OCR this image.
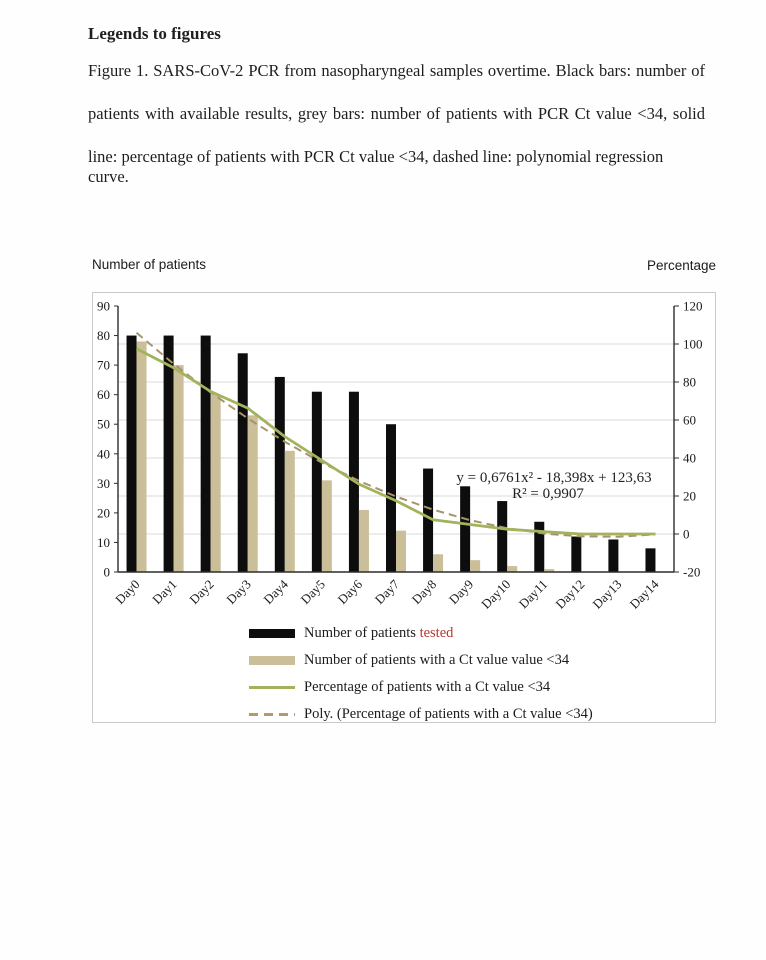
Legends to figures
Figure 1. SARS-CoV-2 PCR from nasopharyngeal samples overtime. Black bars: number of
patients with available results, grey bars: number of patients with PCR Ct value <34, solid
line: percentage of patients with PCR Ct value <34, dashed line: polynomial regression curve.
Number of patients	Percentage
0
10
20
30
40
50
60
70
80
90
-20
0
20
40
60
80
100
120
Day0 Day1 Day2 Day3 Day4 Day5 Day6 Day7 Day8 Day9 Day10 Day11 Day12 Day13 Day14
y = 0,6761x² - 18,398x + 123,63
R² = 0,9907
Number of patients tested
Number of patients with a Ct value value <34
Percentage of patients with a Ct value <34
Poly. (Percentage of patients with a Ct value <34)
